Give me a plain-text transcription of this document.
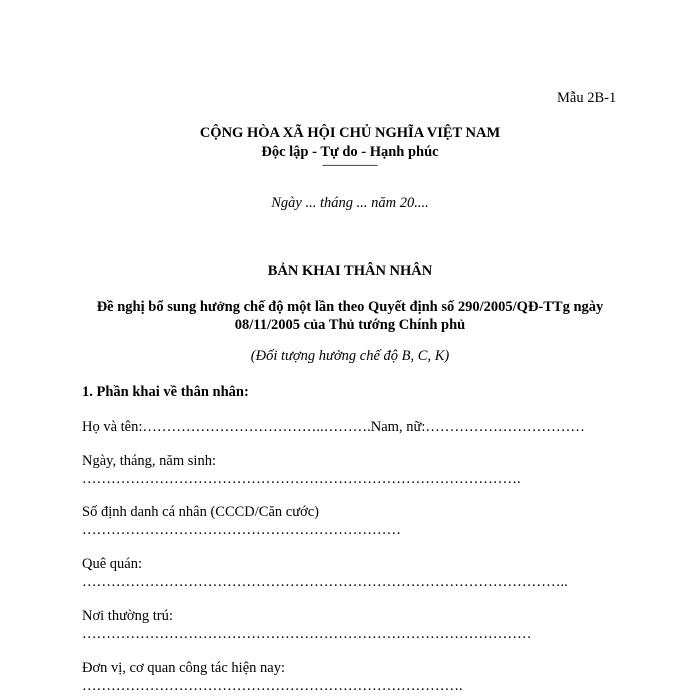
Mẫu 2B-1
CỘNG HÒA XÃ HỘI CHỦ NGHĨA VIỆT NAM
Độc lập - Tự do - Hạnh phúc
—————
Ngày ... tháng ... năm 20....
BẢN KHAI THÂN NHÂN
Đề nghị bổ sung hưởng chế độ một lần theo Quyết định số 290/2005/QĐ-TTg ngày
08/11/2005 của Thủ tướng Chính phủ
(Đối tượng hưởng chế độ B, C, K)
1. Phần khai về thân nhân:
Họ và tên:………………………………..……….Nam, nữ:……………………………
Ngày, tháng, năm sinh:
……………………………………………………………………………….
Số định danh cá nhân (CCCD/Căn cước)
…………………………………………………………
Quê quán:
………………………………………………………………………………………..
Nơi thường trú:
…………………………………………………………………………………
Đơn vị, cơ quan công tác hiện nay:
…………………………………………………………………….
